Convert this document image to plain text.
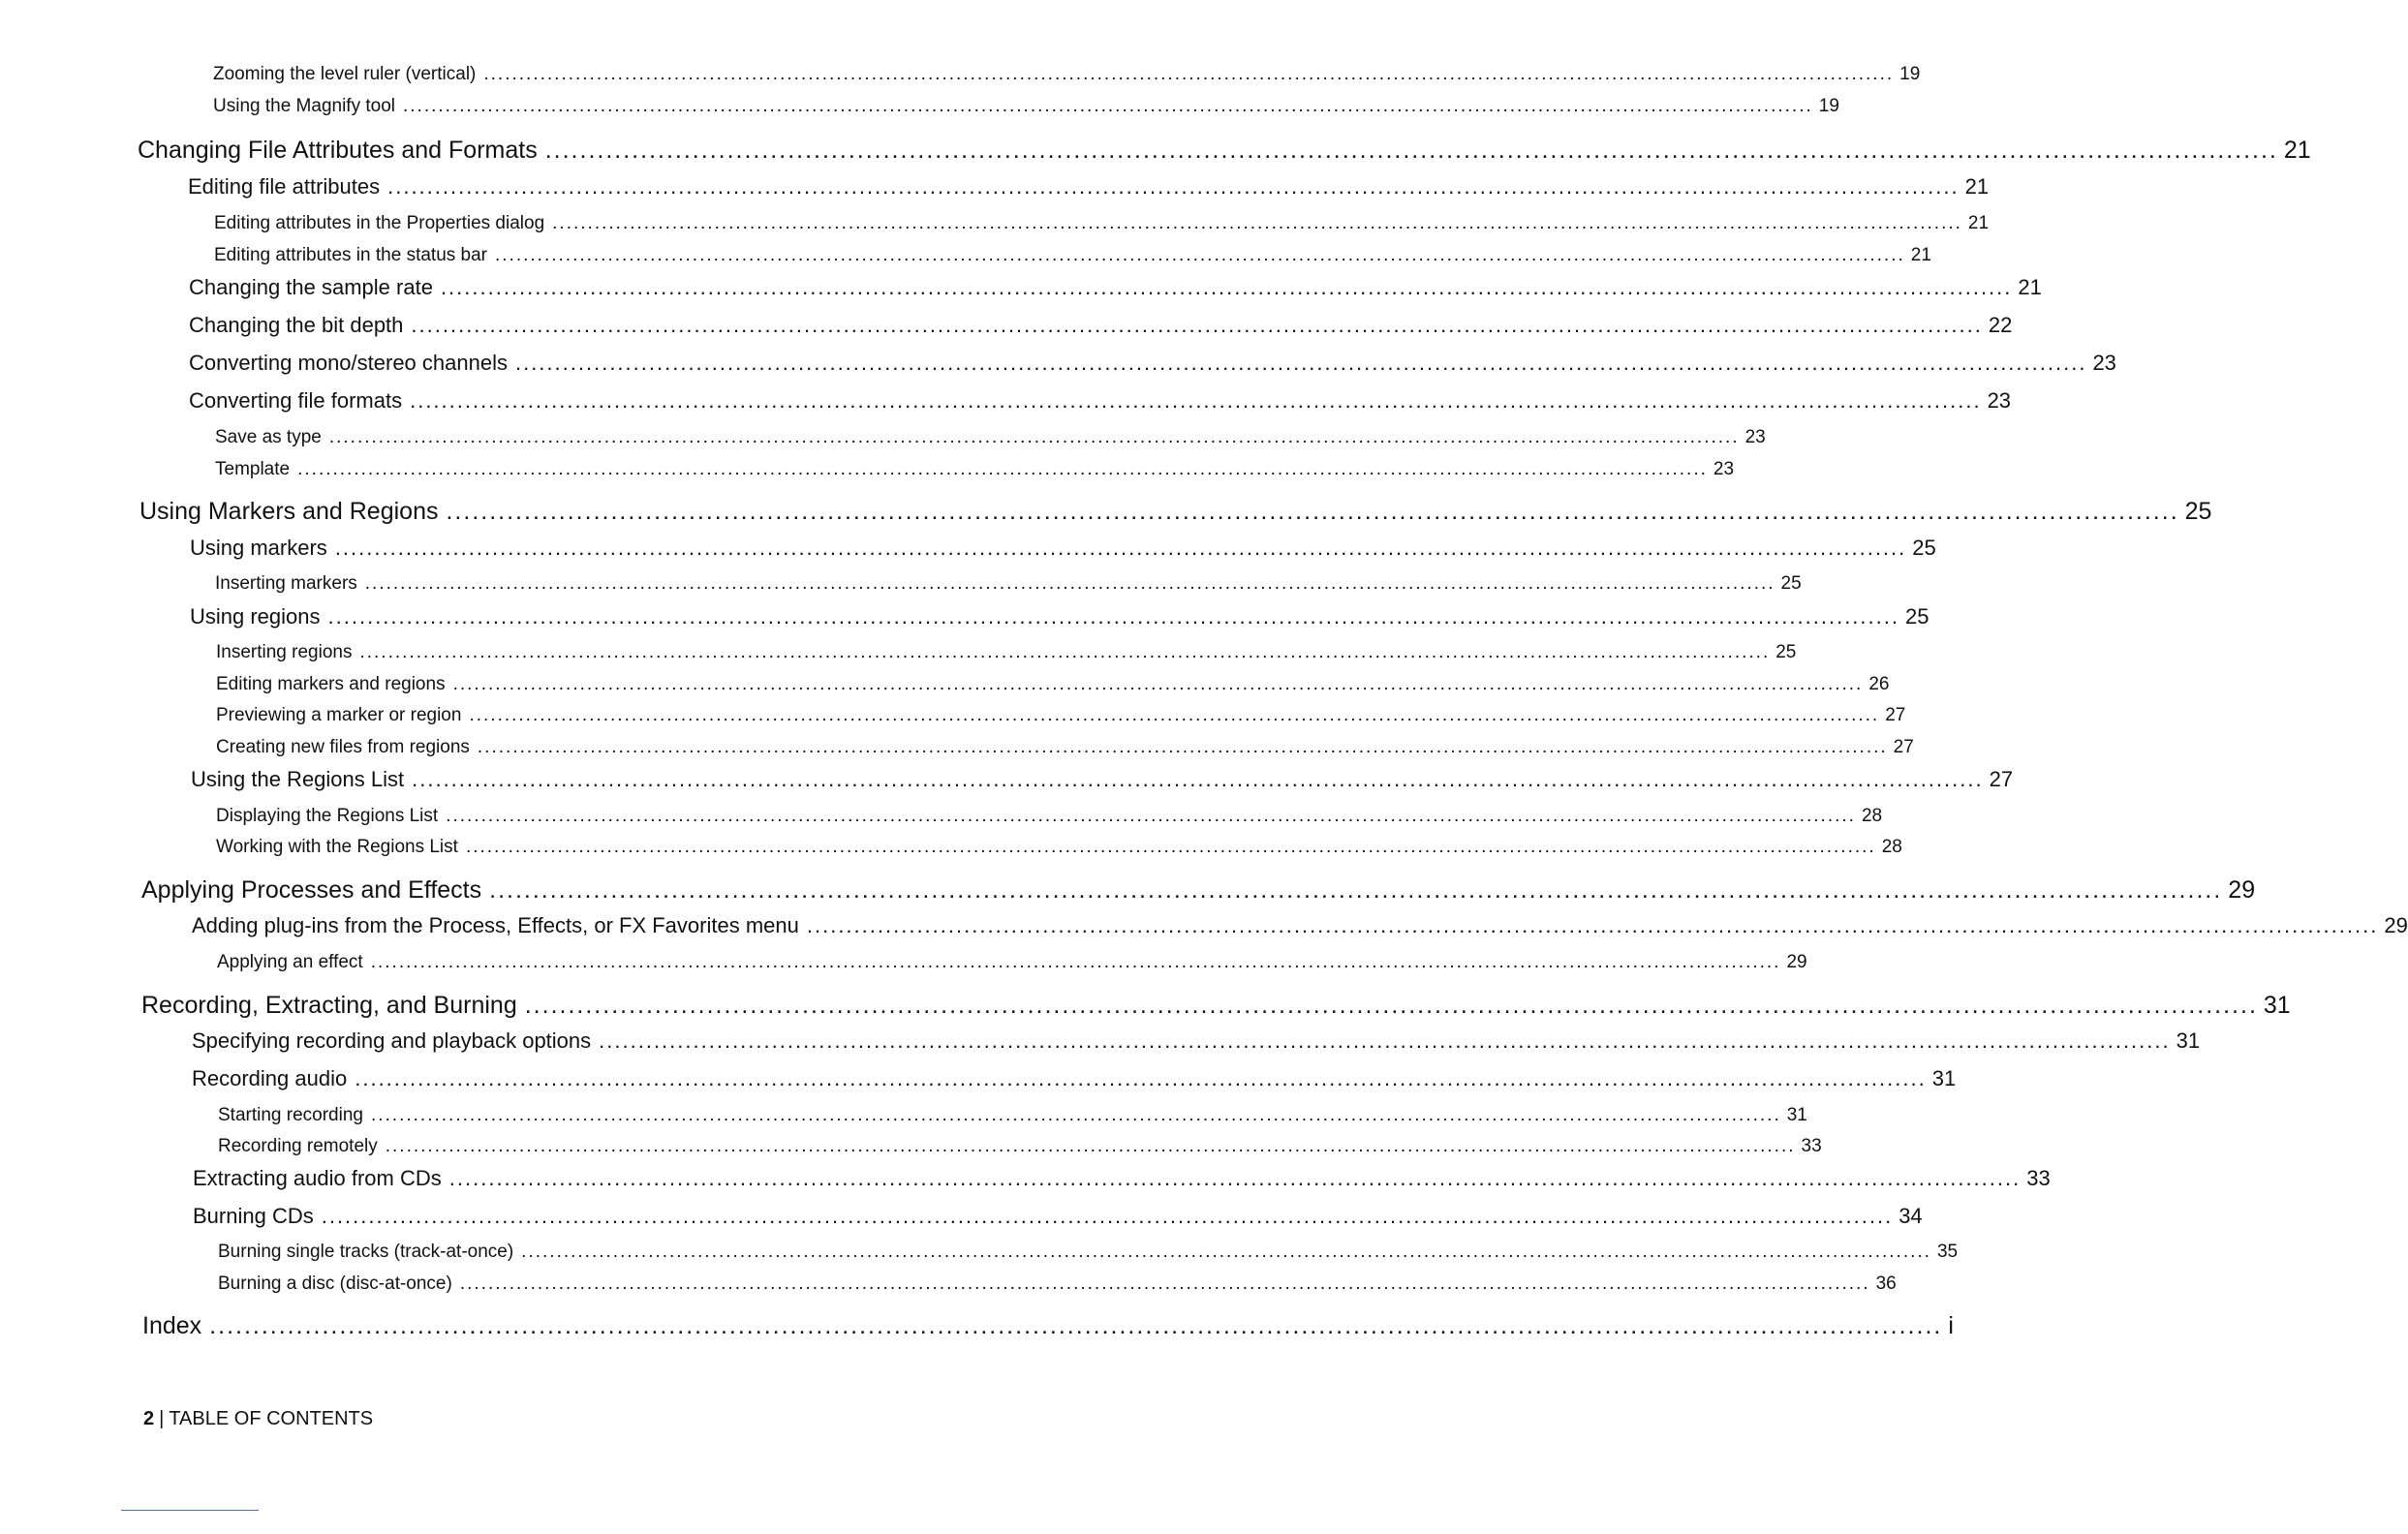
Zooming the level ruler (vertical) ........................................................................................................................................................................................................ 19
Using the Magnify tool ........................................................................................................................................................................................................ 19
Changing File Attributes and Formats ........................................................................................................................................................................................................ 21
Editing file attributes ........................................................................................................................................................................................................ 21
Editing attributes in the Properties dialog ........................................................................................................................................................................................................ 21
Editing attributes in the status bar ........................................................................................................................................................................................................ 21
Changing the sample rate ........................................................................................................................................................................................................ 21
Changing the bit depth ........................................................................................................................................................................................................ 22
Converting mono/stereo channels ........................................................................................................................................................................................................ 23
Converting file formats ........................................................................................................................................................................................................ 23
Save as type ........................................................................................................................................................................................................ 23
Template ........................................................................................................................................................................................................ 23
Using Markers and Regions ........................................................................................................................................................................................................ 25
Using markers ........................................................................................................................................................................................................ 25
Inserting markers ........................................................................................................................................................................................................ 25
Using regions ........................................................................................................................................................................................................ 25
Inserting regions ........................................................................................................................................................................................................ 25
Editing markers and regions ........................................................................................................................................................................................................ 26
Previewing a marker or region ........................................................................................................................................................................................................ 27
Creating new files from regions ........................................................................................................................................................................................................ 27
Using the Regions List ........................................................................................................................................................................................................ 27
Displaying the Regions List ........................................................................................................................................................................................................ 28
Working with the Regions List ........................................................................................................................................................................................................ 28
Applying Processes and Effects ........................................................................................................................................................................................................ 29
Adding plug-ins from the Process, Effects, or FX Favorites menu ........................................................................................................................................................................................................ 29
Applying an effect ........................................................................................................................................................................................................ 29
Recording, Extracting, and Burning ........................................................................................................................................................................................................ 31
Specifying recording and playback options ........................................................................................................................................................................................................ 31
Recording audio ........................................................................................................................................................................................................ 31
Starting recording ........................................................................................................................................................................................................ 31
Recording remotely ........................................................................................................................................................................................................ 33
Extracting audio from CDs ........................................................................................................................................................................................................ 33
Burning CDs ........................................................................................................................................................................................................ 34
Burning single tracks (track-at-once) ........................................................................................................................................................................................................ 35
Burning a disc (disc-at-once) ........................................................................................................................................................................................................ 36
Index ........................................................................................................................................................................................................ i
2 | TABLE OF CONTENTS
